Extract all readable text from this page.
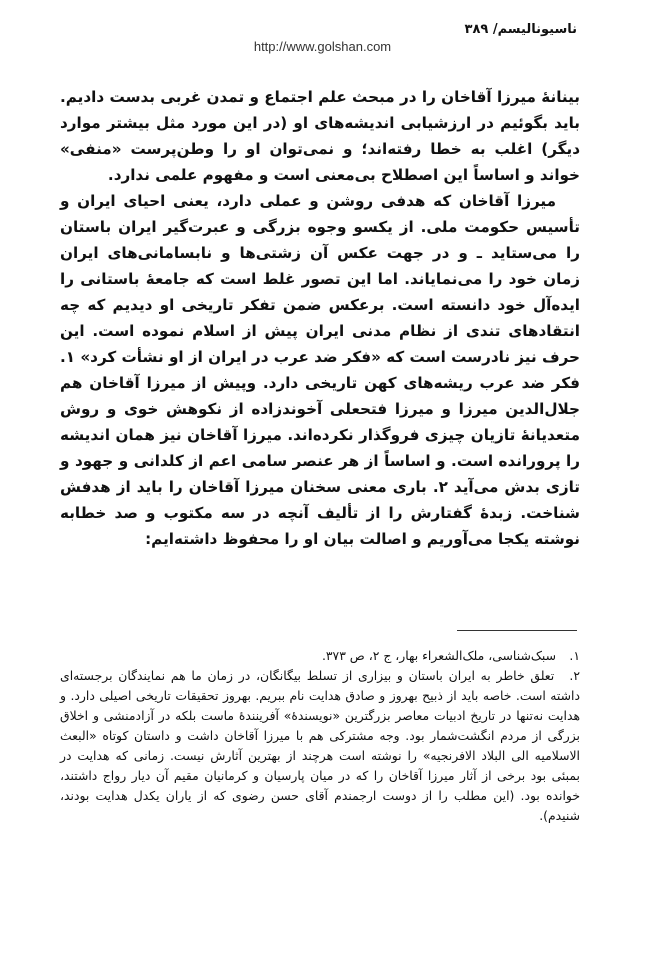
ناسیونالیسم/ ۳۸۹
http://www.golshan.com

بینانهٔ میرزا آقاخان را در مبحث علم اجتماع و تمدن غربی بدست دادیم. باید بگوئیم در ارزشیابی اندیشه‌های او (در این مورد مثل بیشتر موارد دیگر) اغلب به خطا رفته‌اند؛ و نمی‌توان او را وطن‌پرست «منفی» خواند و اساساً این اصطلاح بی‌معنی است و مفهوم علمی ندارد.

میرزا آقاخان که هدفی روشن و عملی دارد، یعنی احیای ایران و تأسیس حکومت ملی. از یکسو وجوه بزرگی و عبرت‌گیر ایران باستان را می‌ستاید ـ و در جهت عکس آن زشتی‌ها و نابسامانی‌های ایران زمان خود را می‌نمایاند. اما این تصور غلط است که جامعهٔ باستانی را ایده‌آل خود دانسته است. برعکس ضمن تفکر تاریخی او دیدیم که چه انتقادهای تندی از نظام مدنی ایران پیش از اسلام نموده است. این حرف نیز نادرست است که «فکر ضد عرب در ایران از او نشأت کرد» ۱. فکر ضد عرب ریشه‌های کهن تاریخی دارد. وپیش از میرزا آقاخان هم جلال‌الدین میرزا و میرزا فتحعلی آخوندزاده از نکوهش خوی و روش متعدیانهٔ تازیان چیزی فروگذار نکرده‌اند. میرزا آقاخان نیز همان اندیشه را پرورانده است. و اساساً از هر عنصر سامی اعم از کلدانی و جهود و تازی بدش می‌آید ۲. باری معنی سخنان میرزا آقاخان را باید از هدفش شناخت. زبدهٔ گفتارش را از تألیف آنچه در سه مکتوب و صد خطابه نوشته یکجا می‌آوریم و اصالت بیان او را محفوظ داشته‌ایم:

۱. سبک‌شناسی، ملک‌الشعراء بهار، ج ۲، ص ۳۷۳.

۲. تعلق خاطر به ایران باستان و بیزاری از تسلط بیگانگان، در زمان ما هم نمایندگان برجسته‌ای داشته است. خاصه باید از ذبیح بهروز و صادق هدایت نام ببریم. بهروز تحقیقات تاریخی اصیلی دارد. و هدایت نه‌تنها در تاریخ ادبیات معاصر بزرگترین «نویسندهٔ» آفرینندهٔ ماست بلکه در آزادمنشی و اخلاق بزرگی از مردم انگشت‌شمار بود. وجه مشترکی هم با میرزا آقاخان داشت و داستان کوتاه «البعث الاسلامیه الی البلاد الافرنجیه» را نوشته است هرچند از بهترین آثارش نیست. زمانی که هدایت در بمبئی بود برخی از آثار میرزا آقاخان را که در میان پارسیان و کرمانیان مقیم آن دیار رواج داشتند، خوانده بود. (این مطلب را از دوست ارجمندم آقای حسن رضوی که از یاران یکدل هدایت بودند، شنیدم).
